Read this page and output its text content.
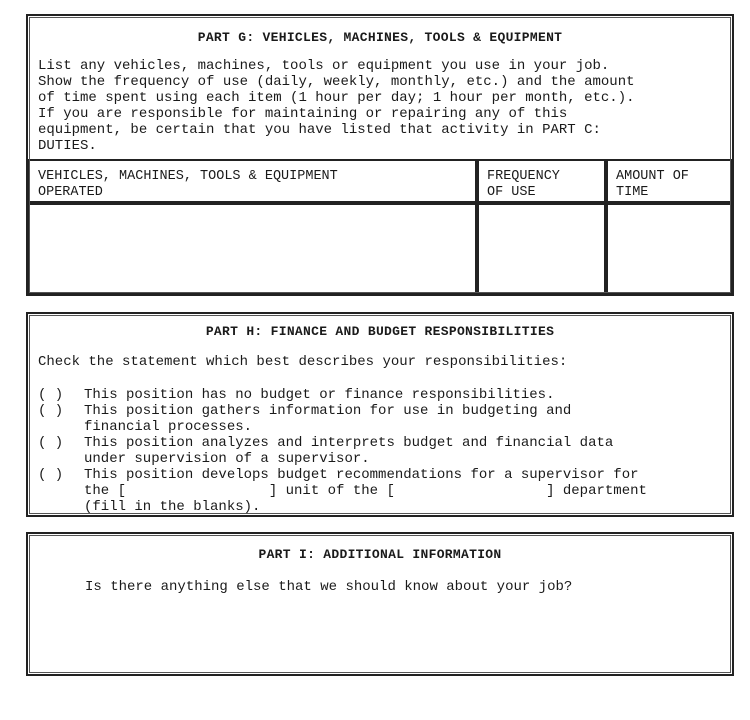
PART G: VEHICLES, MACHINES, TOOLS & EQUIPMENT
List any vehicles, machines, tools or equipment you use in your job.
Show the frequency of use (daily, weekly, monthly, etc.) and the amount
of time spent using each item (1 hour per day; 1 hour per month, etc.).
If you are responsible for maintaining or repairing any of this
equipment, be certain that you have listed that activity in PART C:
DUTIES.
VEHICLES, MACHINES, TOOLS & EQUIPMENT
OPERATED
FREQUENCY
OF USE
AMOUNT OF
TIME
PART H: FINANCE AND BUDGET RESPONSIBILITIES
Check the statement which best describes your responsibilities:
( ) This position has no budget or finance responsibilities.
( ) This position gathers information for use in budgeting and
financial processes.
( ) This position analyzes and interprets budget and financial data
under supervision of a supervisor.
( ) This position develops budget recommendations for a supervisor for
the [                 ] unit of the [                  ] department
(fill in the blanks).
PART I: ADDITIONAL INFORMATION
Is there anything else that we should know about your job?
